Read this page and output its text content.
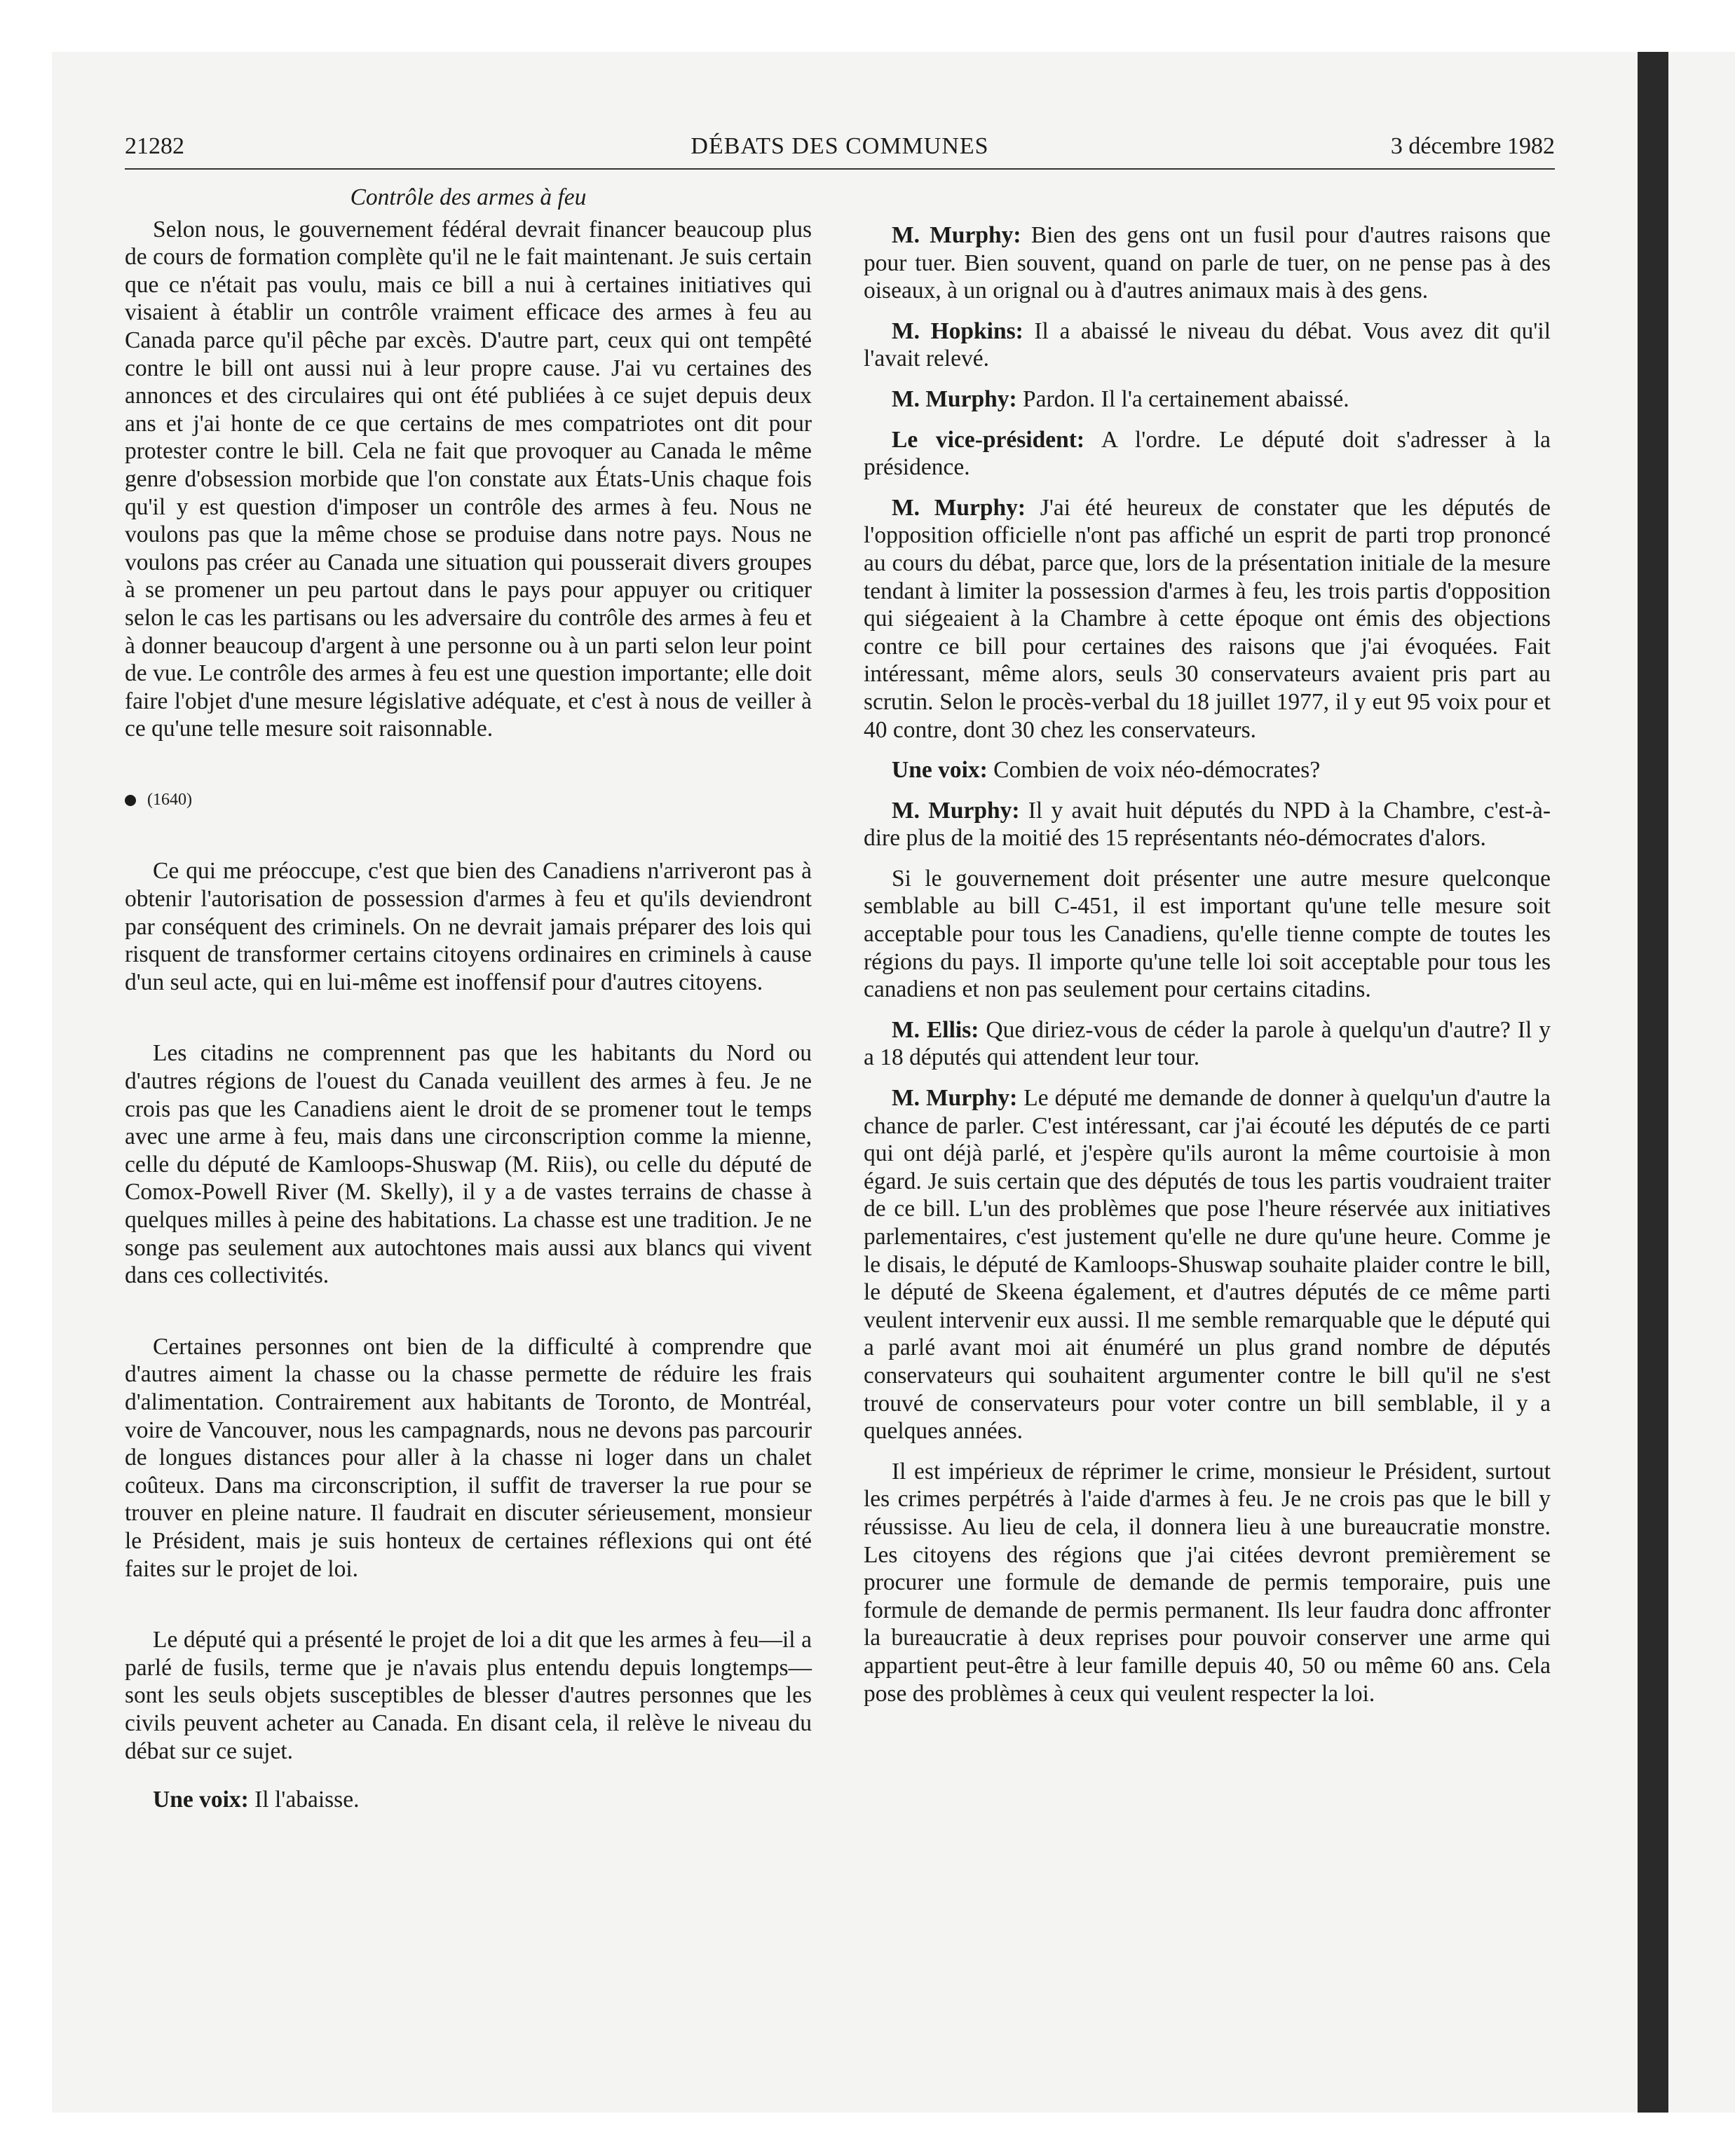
21282	DÉBATS DES COMMUNES	3 décembre 1982
Contrôle des armes à feu

Selon nous, le gouvernement fédéral devrait financer beaucoup plus de cours de formation complète qu'il ne le fait maintenant. Je suis certain que ce n'était pas voulu, mais ce bill a nui à certaines initiatives qui visaient à établir un contrôle vraiment efficace des armes à feu au Canada parce qu'il pêche par excès. D'autre part, ceux qui ont tempêté contre le bill ont aussi nui à leur propre cause. J'ai vu certaines des annonces et des circulaires qui ont été publiées à ce sujet depuis deux ans et j'ai honte de ce que certains de mes compatriotes ont dit pour protester contre le bill. Cela ne fait que provoquer au Canada le même genre d'obsession morbide que l'on constate aux États-Unis chaque fois qu'il y est question d'imposer un contrôle des armes à feu. Nous ne voulons pas que la même chose se produise dans notre pays. Nous ne voulons pas créer au Canada une situation qui pousserait divers groupes à se promener un peu partout dans le pays pour appuyer ou critiquer selon le cas les partisans ou les adversaire du contrôle des armes à feu et à donner beaucoup d'argent à une personne ou à un parti selon leur point de vue. Le contrôle des armes à feu est une question importante; elle doit faire l'objet d'une mesure législative adéquate, et c'est à nous de veiller à ce qu'une telle mesure soit raisonnable.

(1640)

Ce qui me préoccupe, c'est que bien des Canadiens n'arriveront pas à obtenir l'autorisation de possession d'armes à feu et qu'ils deviendront par conséquent des criminels. On ne devrait jamais préparer des lois qui risquent de transformer certains citoyens ordinaires en criminels à cause d'un seul acte, qui en lui-même est inoffensif pour d'autres citoyens.

Les citadins ne comprennent pas que les habitants du Nord ou d'autres régions de l'ouest du Canada veuillent des armes à feu. Je ne crois pas que les Canadiens aient le droit de se promener tout le temps avec une arme à feu, mais dans une circonscription comme la mienne, celle du député de Kamloops-Shuswap (M. Riis), ou celle du député de Comox-Powell River (M. Skelly), il y a de vastes terrains de chasse à quelques milles à peine des habitations. La chasse est une tradition. Je ne songe pas seulement aux autochtones mais aussi aux blancs qui vivent dans ces collectivités.

Certaines personnes ont bien de la difficulté à comprendre que d'autres aiment la chasse ou la chasse permette de réduire les frais d'alimentation. Contrairement aux habitants de Toronto, de Montréal, voire de Vancouver, nous les campagnards, nous ne devons pas parcourir de longues distances pour aller à la chasse ni loger dans un chalet coûteux. Dans ma circonscription, il suffit de traverser la rue pour se trouver en pleine nature. Il faudrait en discuter sérieusement, monsieur le Président, mais je suis honteux de certaines réflexions qui ont été faites sur le projet de loi.

Le député qui a présenté le projet de loi a dit que les armes à feu—il a parlé de fusils, terme que je n'avais plus entendu depuis longtemps—sont les seuls objets susceptibles de blesser d'autres personnes que les civils peuvent acheter au Canada. En disant cela, il relève le niveau du débat sur ce sujet.

Une voix: Il l'abaisse.

M. Murphy: Bien des gens ont un fusil pour d'autres raisons que pour tuer. Bien souvent, quand on parle de tuer, on ne pense pas à des oiseaux, à un orignal ou à d'autres animaux mais à des gens.

M. Hopkins: Il a abaissé le niveau du débat. Vous avez dit qu'il l'avait relevé.

M. Murphy: Pardon. Il l'a certainement abaissé.

Le vice-président: A l'ordre. Le député doit s'adresser à la présidence.

M. Murphy: J'ai été heureux de constater que les députés de l'opposition officielle n'ont pas affiché un esprit de parti trop prononcé au cours du débat, parce que, lors de la présentation initiale de la mesure tendant à limiter la possession d'armes à feu, les trois partis d'opposition qui siégeaient à la Chambre à cette époque ont émis des objections contre ce bill pour certaines des raisons que j'ai évoquées. Fait intéressant, même alors, seuls 30 conservateurs avaient pris part au scrutin. Selon le procès-verbal du 18 juillet 1977, il y eut 95 voix pour et 40 contre, dont 30 chez les conservateurs.

Une voix: Combien de voix néo-démocrates?

M. Murphy: Il y avait huit députés du NPD à la Chambre, c'est-à-dire plus de la moitié des 15 représentants néo-démocrates d'alors.

Si le gouvernement doit présenter une autre mesure quelconque semblable au bill C-451, il est important qu'une telle mesure soit acceptable pour tous les Canadiens, qu'elle tienne compte de toutes les régions du pays. Il importe qu'une telle loi soit acceptable pour tous les canadiens et non pas seulement pour certains citadins.

M. Ellis: Que diriez-vous de céder la parole à quelqu'un d'autre? Il y a 18 députés qui attendent leur tour.

M. Murphy: Le député me demande de donner à quelqu'un d'autre la chance de parler. C'est intéressant, car j'ai écouté les députés de ce parti qui ont déjà parlé, et j'espère qu'ils auront la même courtoisie à mon égard. Je suis certain que des députés de tous les partis voudraient traiter de ce bill. L'un des problèmes que pose l'heure réservée aux initiatives parlementaires, c'est justement qu'elle ne dure qu'une heure. Comme je le disais, le député de Kamloops-Shuswap souhaite plaider contre le bill, le député de Skeena également, et d'autres députés de ce même parti veulent intervenir eux aussi. Il me semble remarquable que le député qui a parlé avant moi ait énuméré un plus grand nombre de députés conservateurs qui souhaitent argumenter contre le bill qu'il ne s'est trouvé de conservateurs pour voter contre un bill semblable, il y a quelques années.

Il est impérieux de réprimer le crime, monsieur le Président, surtout les crimes perpétrés à l'aide d'armes à feu. Je ne crois pas que le bill y réussisse. Au lieu de cela, il donnera lieu à une bureaucratie monstre. Les citoyens des régions que j'ai citées devront premièrement se procurer une formule de demande de permis temporaire, puis une formule de demande de permis permanent. Ils leur faudra donc affronter la bureaucratie à deux reprises pour pouvoir conserver une arme qui appartient peut-être à leur famille depuis 40, 50 ou même 60 ans. Cela pose des problèmes à ceux qui veulent respecter la loi.
